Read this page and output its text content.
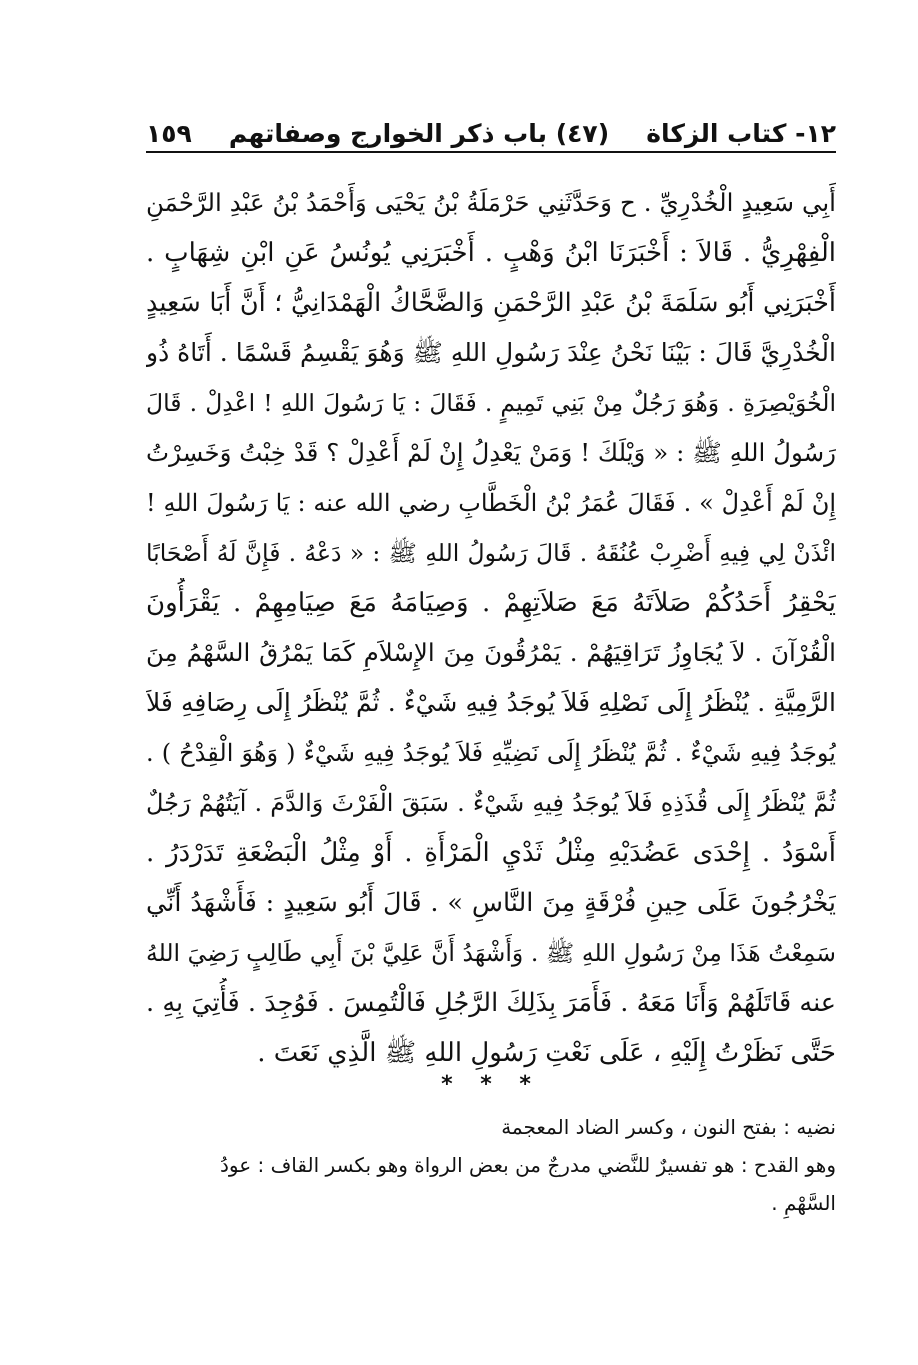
١٢- كتاب الزكاة
(٤٧) باب ذكر الخوارج وصفاتهم
١٥٩
أَبِي سَعِيدٍ الْخُدْرِيِّ . ح وَحَدَّثَنِي حَرْمَلَةُ بْنُ يَحْيَى وَأَحْمَدُ بْنُ عَبْدِ الرَّحْمَنِ
الْفِهْرِيُّ . قَالاَ : أَخْبَرَنَا ابْنُ وَهْبٍ . أَخْبَرَنِي يُونُسُ عَنِ ابْنِ شِهَابٍ .
أَخْبَرَنِي أَبُو سَلَمَةَ بْنُ عَبْدِ الرَّحْمَنِ وَالضَّحَّاكُ الْهَمْدَانِيُّ ؛ أَنَّ أَبَا سَعِيدٍ
الْخُدْرِيَّ قَالَ : بَيْنَا نَحْنُ عِنْدَ رَسُولِ اللهِ ﷺ وَهُوَ يَقْسِمُ قَسْمًا . أَتَاهُ ذُو
الْخُوَيْصِرَةِ . وَهُوَ رَجُلٌ مِنْ بَنِي تَمِيمٍ . فَقَالَ : يَا رَسُولَ اللهِ ! اعْدِلْ . قَالَ
رَسُولُ اللهِ ﷺ : « وَيْلَكَ ! وَمَنْ يَعْدِلُ إِنْ لَمْ أَعْدِلْ ؟ قَدْ خِبْتُ وَخَسِرْتُ
إِنْ لَمْ أَعْدِلْ » . فَقَالَ عُمَرُ بْنُ الْخَطَّابِ رضي الله عنه : يَا رَسُولَ اللهِ !
ائْذَنْ لِي فِيهِ أَضْرِبْ عُنُقَهُ . قَالَ رَسُولُ اللهِ ﷺ : « دَعْهُ . فَإِنَّ لَهُ أَصْحَابًا
يَحْقِرُ أَحَدُكُمْ صَلاَتَهُ مَعَ صَلاَتِهِمْ . وَصِيَامَهُ مَعَ صِيَامِهِمْ . يَقْرَأُونَ
الْقُرْآنَ . لاَ يُجَاوِزُ تَرَاقِيَهُمْ . يَمْرُقُونَ مِنَ الإِسْلاَمِ كَمَا يَمْرُقُ السَّهْمُ مِنَ
الرَّمِيَّةِ . يُنْظَرُ إِلَى نَصْلِهِ فَلاَ يُوجَدُ فِيهِ شَيْءٌ . ثُمَّ يُنْظَرُ إِلَى رِصَافِهِ فَلاَ
يُوجَدُ فِيهِ شَيْءٌ . ثُمَّ يُنْظَرُ إِلَى نَضِيِّهِ فَلاَ يُوجَدُ فِيهِ شَيْءٌ ( وَهُوَ الْقِدْحُ ) .
ثُمَّ يُنْظَرُ إِلَى قُذَذِهِ فَلاَ يُوجَدُ فِيهِ شَيْءٌ . سَبَقَ الْفَرْثَ وَالدَّمَ . آيَتُهُمْ رَجُلٌ
أَسْوَدُ . إِحْدَى عَضُدَيْهِ مِثْلُ ثَدْيِ الْمَرْأَةِ . أَوْ مِثْلُ الْبَضْعَةِ تَدَرْدَرُ .
يَخْرُجُونَ عَلَى حِينِ فُرْقَةٍ مِنَ النَّاسِ » . قَالَ أَبُو سَعِيدٍ : فَأَشْهَدُ أَنِّي
سَمِعْتُ هَذَا مِنْ رَسُولِ اللهِ ﷺ . وَأَشْهَدُ أَنَّ عَلِيَّ بْنَ أَبِي طَالِبٍ رَضِيَ اللهُ
عنه قَاتَلَهُمْ وَأَنَا مَعَهُ . فَأَمَرَ بِذَلِكَ الرَّجُلِ فَالْتُمِسَ . فَوُجِدَ . فَأُتِيَ بِهِ .
حَتَّى نَظَرْتُ إِلَيْهِ ، عَلَى نَعْتِ رَسُولِ اللهِ ﷺ الَّذِي نَعَتَ .
* * *
نضيه : بفتح النون ، وكسر الضاد المعجمة
وهو القدح : هو تفسيرٌ للنَّضي مدرجٌ من بعض الرواة وهو بكسر القاف : عودُ
السَّهْمِ .
